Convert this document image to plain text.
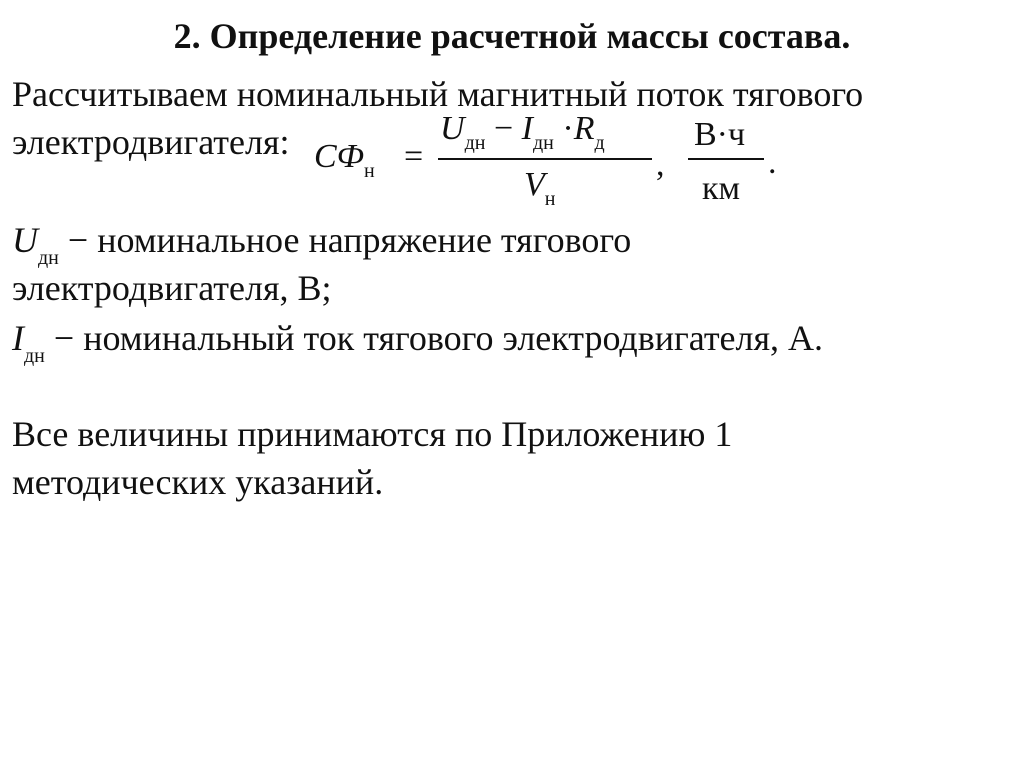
2. Определение расчетной массы состава.
Рассчитываем номинальный магнитный поток тягового
электродвигателя: $CФ_н$ =
$U_{дн} - I_{дн} \cdot R_д$
$V_н$
,
В·ч
км
.
$U_{дн}$ − номинальное напряжение тягового
электродвигателя, В;
$I_{дн}$ − номинальный ток тягового электродвигателя, А.
Все величины принимаются по Приложению 1
методических указаний.
